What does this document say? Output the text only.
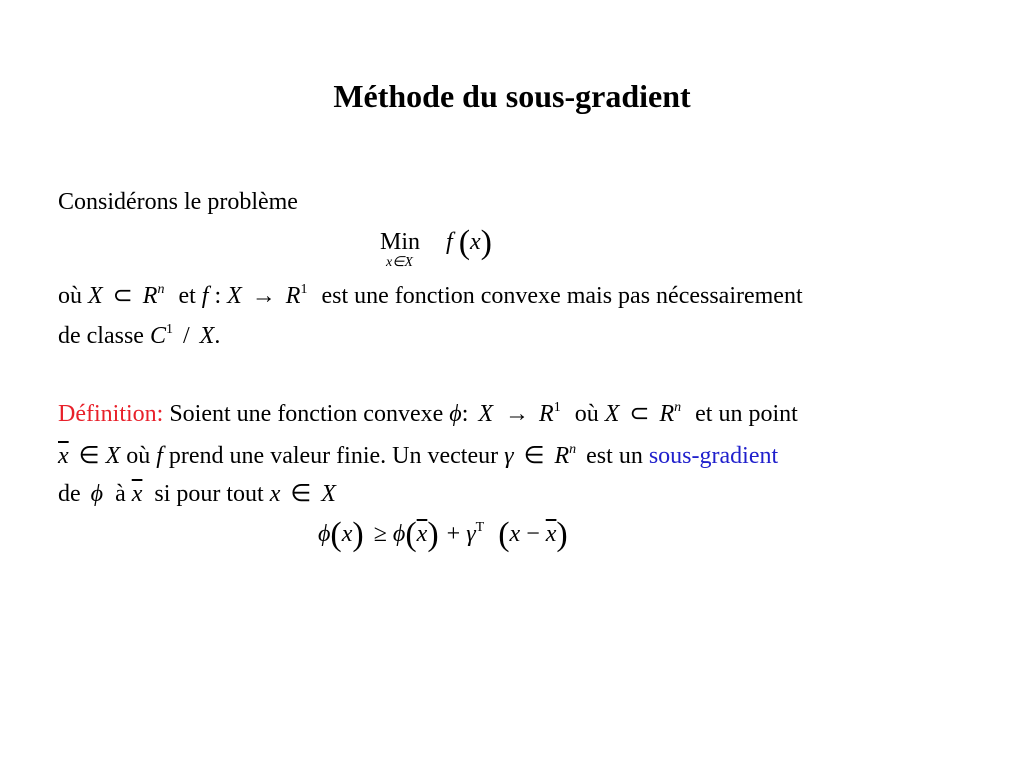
Méthode du sous-gradient
Considérons le problème
Min f (x)
x∈X
où X ⊂ $R^n$ et f : $X \to R^1$ est une fonction convexe mais pas nécessairement
de classe $C^1$ / X.
Définition: Soient une fonction convexe ϕ: $X \to R^1$ où X ⊂ $R^n$ et un point
$\overline{x}$ ∈ X où f prend une valeur finie. Un vecteur γ ∈ $R^n$ est un sous-gradient
de ϕ à $\overline{x}$ si pour tout x ∈ X
$\phi(x) \ge \phi(\overline{x}) + \gamma^T$ $(x - \overline{x})$
